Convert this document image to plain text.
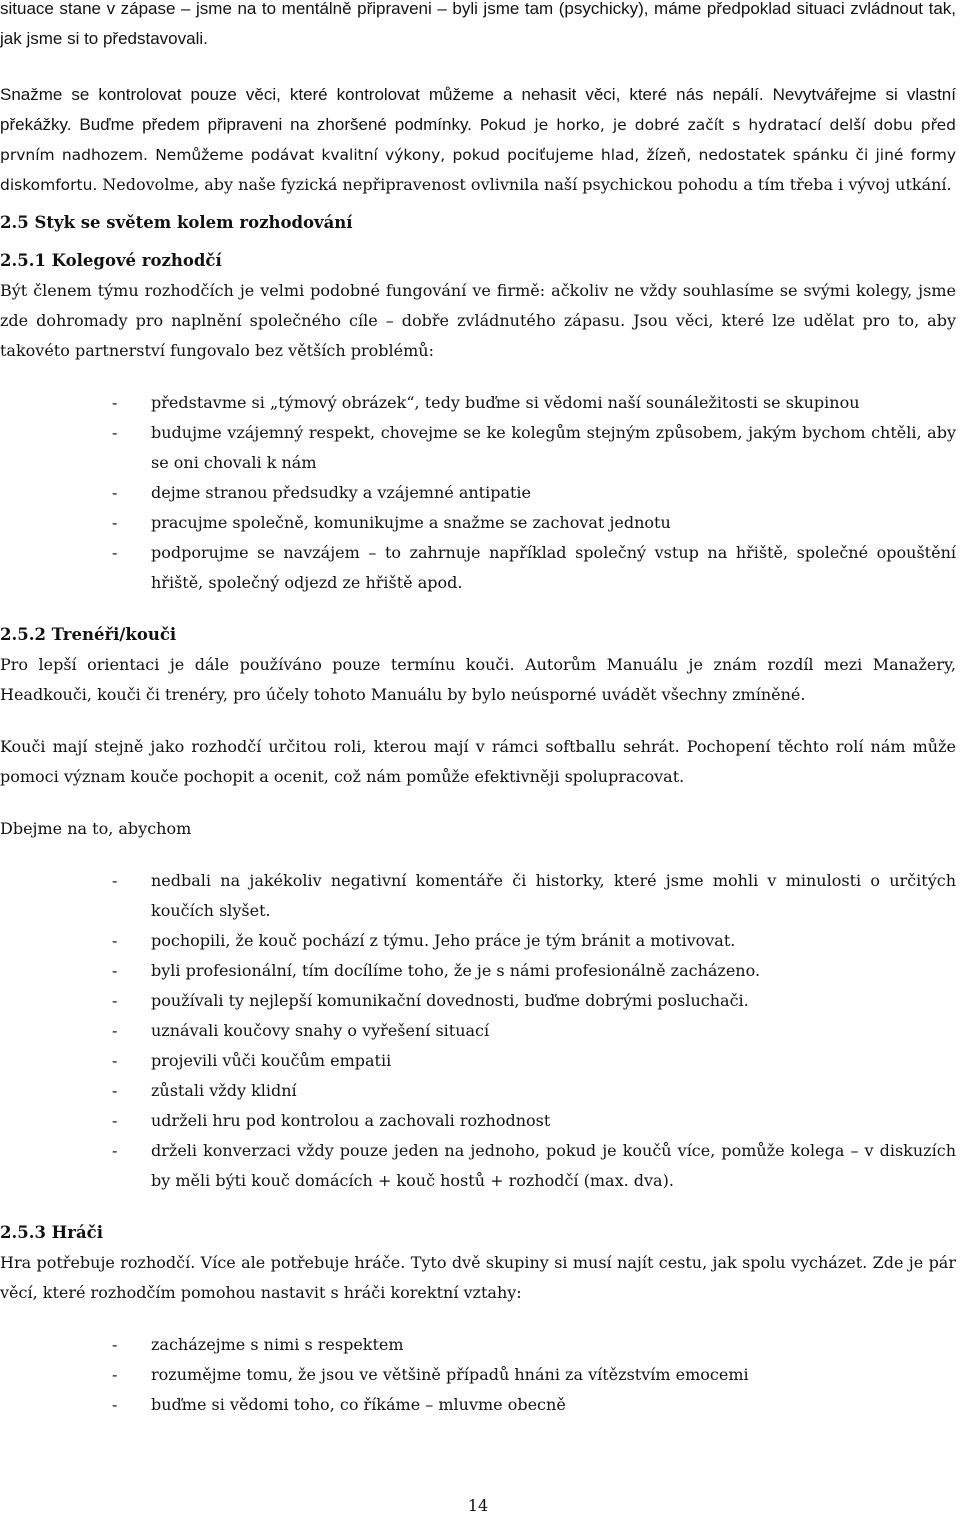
situace stane v zápase – jsme na to mentálně připraveni – byli jsme tam (psychicky), máme předpoklad situaci zvládnout tak, jak jsme si to představovali.

Snažme se kontrolovat pouze věci, které kontrolovat můžeme a nehasit věci, které nás nepálí. Nevytvářejme si vlastní překážky. Buďme předem připraveni na zhoršené podmínky. Pokud je horko, je dobré začít s hydratací delší dobu před prvním nadhozem. Nemůžeme podávat kvalitní výkony, pokud pociťujeme hlad, žízeň, nedostatek spánku či jiné formy diskomfortu. Nedovolme, aby naše fyzická nepřipravenost ovlivnila naší psychickou pohodu a tím třeba i vývoj utkání.

2.5 Styk se světem kolem rozhodování
2.5.1 Kolegové rozhodčí

Být členem týmu rozhodčích je velmi podobné fungování ve firmě: ačkoliv ne vždy souhlasíme se svými kolegy, jsme zde dohromady pro naplnění společného cíle – dobře zvládnutého zápasu. Jsou věci, které lze udělat pro to, aby takovéto partnerství fungovalo bez větších problémů:

- představme si „týmový obrázek“, tedy buďme si vědomi naší sounáležitosti se skupinou
- budujme vzájemný respekt, chovejme se ke kolegům stejným způsobem, jakým bychom chtěli, aby se oni chovali k nám
- dejme stranou předsudky a vzájemné antipatie
- pracujme společně, komunikujme a snažme se zachovat jednotu
- podporujme se navzájem – to zahrnuje například společný vstup na hřiště, společné opouštění hřiště, společný odjezd ze hřiště apod.
2.5.2 Trenéři/kouči

Pro lepší orientaci je dále používáno pouze termínu kouči. Autorům Manuálu je znám rozdíl mezi Manažery, Headkouči, kouči či trenéry, pro účely tohoto Manuálu by bylo neúsporné uvádět všechny zmíněné.

Kouči mají stejně jako rozhodčí určitou roli, kterou mají v rámci softballu sehrát. Pochopení těchto rolí nám může pomoci význam kouče pochopit a ocenit, což nám pomůže efektivněji spolupracovat.

Dbejme na to, abychom

- nedbali na jakékoliv negativní komentáře či historky, které jsme mohli v minulosti o určitých koučích slyšet.
- pochopili, že kouč pochází z týmu. Jeho práce je tým bránit a motivovat.
- byli profesionální, tím docílíme toho, že je s námi profesionálně zacházeno.
- používali ty nejlepší komunikační dovednosti, buďme dobrými posluchači.
- uznávali koučovy snahy o vyřešení situací
- projevili vůči koučům empatii
- zůstali vždy klidní
- udrželi hru pod kontrolou a zachovali rozhodnost
- drželi konverzaci vždy pouze jeden na jednoho, pokud je koučů více, pomůže kolega – v diskuzích by měli býti kouč domácích + kouč hostů + rozhodčí (max. dva).
2.5.3 Hráči

Hra potřebuje rozhodčí. Více ale potřebuje hráče. Tyto dvě skupiny si musí najít cestu, jak spolu vycházet. Zde je pár věcí, které rozhodčím pomohou nastavit s hráči korektní vztahy:

- zacházejme s nimi s respektem
- rozumějme tomu, že jsou ve většině případů hnáni za vítězstvím emocemi
- buďme si vědomi toho, co říkáme – mluvme obecně
14
